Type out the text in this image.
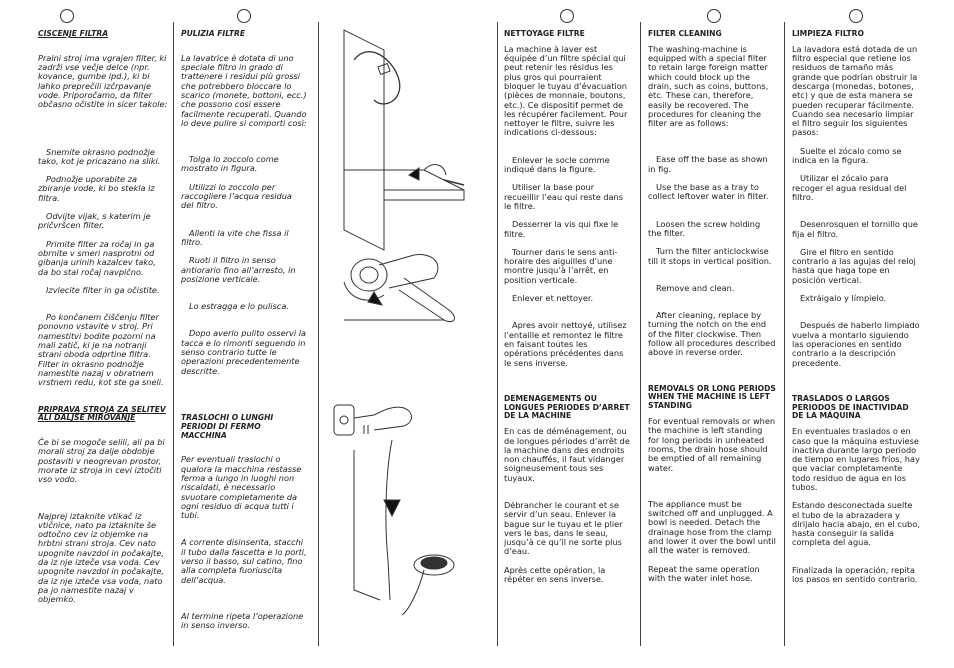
ČIŠČENJE FILTRA

Pralni stroj ima vgrajen filter, ki zadrži vse večje delce (npr. kovance, gumbe ipd.), ki bi lahko preprečili izčrpavanje vode. Priporočamo, da filter občasno očistite in sicer takole:

Snemite okrasno podnožje tako, kot je pricazano na sliki.

Podnožje uporabite za zbiranje vode, ki bo stekla iz filtra.

Odvijte vijak, s katerim je pričvršcen filter.

Primite filter za ročaj in ga obrnite v smeri nasprotni od gibanja urinih kazalcev tako, da bo stal ročaj navpično.

Izvlecite filter in ga očistite.

Po končanem čiščenju filter ponovno vstavite v stroj. Pri namestitvi bodite pozorni na mali zatič, ki je na notranji strani oboda odprtine filtra. Filter in okrasno podnožje namestite nazaj v obratnem vrstnem redu, kot ste ga sneli.

PRIPRAVA STROJA ZA SELITEV ALI DALJŠE MIROVANJE

Če bi se mogoče selili, ali pa bi morali stroj za dalje obdobje postaviti v neogrevan prostor, morate iz stroja in cevi iztočiti vso vodo.

Najprej iztaknite vtikač iz vtičnice, nato pa iztaknite še odtočno cev iz objemke na hrbtni strani stroja. Cev nato upognite navzdol in počakajte, da iz nje izteče vsa voda. Cev upognite navzdol in počakajte, da iz nje izteče vsa voda, nato pa jo namestite nazaj v objemko.

PULIZIA FILTRE

La lavatrice è dotata di uno speciale filtro in grado di trattenere i residui più grossi che potrebbero bloccare lo scarico (monete, bottoni, ecc.) che possono così essere facilmente recuperati. Quando lo deve pulire si comporti così:

Tolga lo zoccolo come mostrato in figura.

Utilizzi lo zoccolo per raccogliere l’acqua residua del filtro.

Allenti la vite che fissa il filtro.

Ruoti il filtro in senso antiorario fino all’arresto, in posizione verticale.

Lo estragga e lo pulisca.

Dopo averlo pulito osservi la tacca e lo rimonti seguendo in senso contrario tutte le operazioni precedentemente descritte.

TRASLOCHI O LUNGHI PERIODI DI FERMO MACCHINA

Per eventuali traslochi o qualora la macchina restasse ferma a lungo in luoghi non riscaldati, è necessario svuotare completamente da ogni residuo di acqua tutti i tubi.

A corrente disinserita, stacchi il tubo dalla fascetta e lo porti, verso il basso, sul catino, fino alla completa fuoriuscita dell’acqua.

Al termine ripeta l’operazione in senso inverso.

NETTOYAGE FILTRE

La machine à laver est équipée d’un filtre spécial qui peut retenir les résidus les plus gros qui pourraient bloquer le tuyau d’évacuation (pièces de monnaie, boutons, etc.). Ce dispositif permet de les récupérer facilement. Pour nettoyer le filtre, suivre les indications ci-dessous:

Enlever le socle comme indiqué dans la figure.

Utiliser la base pour recueillir l’eau qui reste dans le filtre.

Desserrer la vis qui fixe le filtre.

Tourner dans le sens anti-horaire des aiguilles d’une montre jusqu’à l’arrêt, en position verticale.

Enlever et nettoyer.

Apres avoir nettoyé, utilisez l’entaille et remontez le filtre en faisant toutes les opérations précédentes dans le sens inverse.

DEMENAGEMENTS OU LONGUES PERIODES D’ARRET DE LA MACHINE

En cas de déménagement, ou de longues périodes d’arrêt de la machine dans des endroits non chauffés, il faut vidanger soigneusement tous ses tuyaux.

Débrancher le courant et se servir d’un seau. Enlever la bague sur le tuyau et le plier vers le bas, dans le seau, jusqu’à ce qu’il ne sorte plus d’eau.

Après cette opération, la répéter en sens inverse.

FILTER CLEANING

The washing-machine is equipped with a special filter to retain large foreign matter which could block up the drain, such as coins, buttons, etc. These can, therefore, easily be recovered. The procedures for cleaning the filter are as follows:

Ease off the base as shown in fig.

Use the base as a tray to collect leftover water in filter.

Loosen the screw holding the filter.

Turn the filter anticlockwise till it stops in vertical position.

Remove and clean.

After cleaning, replace by turning the notch on the end of the filter clockwise. Then follow all procedures described above in reverse order.

REMOVALS OR LONG PERIODS WHEN THE MACHINE IS LEFT STANDING

For eventual removals or when the machine is left standing for long periods in unheated rooms, the drain hose should be emptied of all remaining water.

The appliance must be switched off and unplugged. A bowl is needed. Detach the drainage hose from the clamp and lower it over the bowl until all the water is removed.

Repeat the same operation with the water inlet hose.

LIMPIEZA FILTRO

La lavadora está dotada de un filtro especial que retiene los residuos de tamaño más grande que podrían obstruir la descarga (monedas, botones, etc) y que de esta manera se pueden recuperar fácilmente. Cuando sea necesario limpiar el filtro seguir los siguientes pasos:

Suelte el zócalo como se indica en la figura.

Utilizar el zócalo para recoger el agua residual del filtro.

Desenrosquen el tornillo que fija el filtro.

Gire el filtro en sentido contrario a las agujas del reloj hasta que haga tope en posición vertical.

Extráigalo y límpielo.

Después de haberlo limpiado vuelva a montarlo siguiendo las operaciones en sentido contrario a la descripción precedente.

TRASLADOS O LARGOS PERIODOS DE INACTIVIDAD DE LA MÁQUINA

En eventuales traslados o en caso que la máquina estuviese inactiva durante largo periodo de tiempo en lugares fríos, hay que vaciar completamente todo residuo de agua en los tubos.

Estando desconectada suelte el tubo de la abrazadera y dirijalo hacia abajo, en el cubo, hasta conseguir la salida completa del agua.

Finalizada la operación, repita los pasos en sentido contrario.
